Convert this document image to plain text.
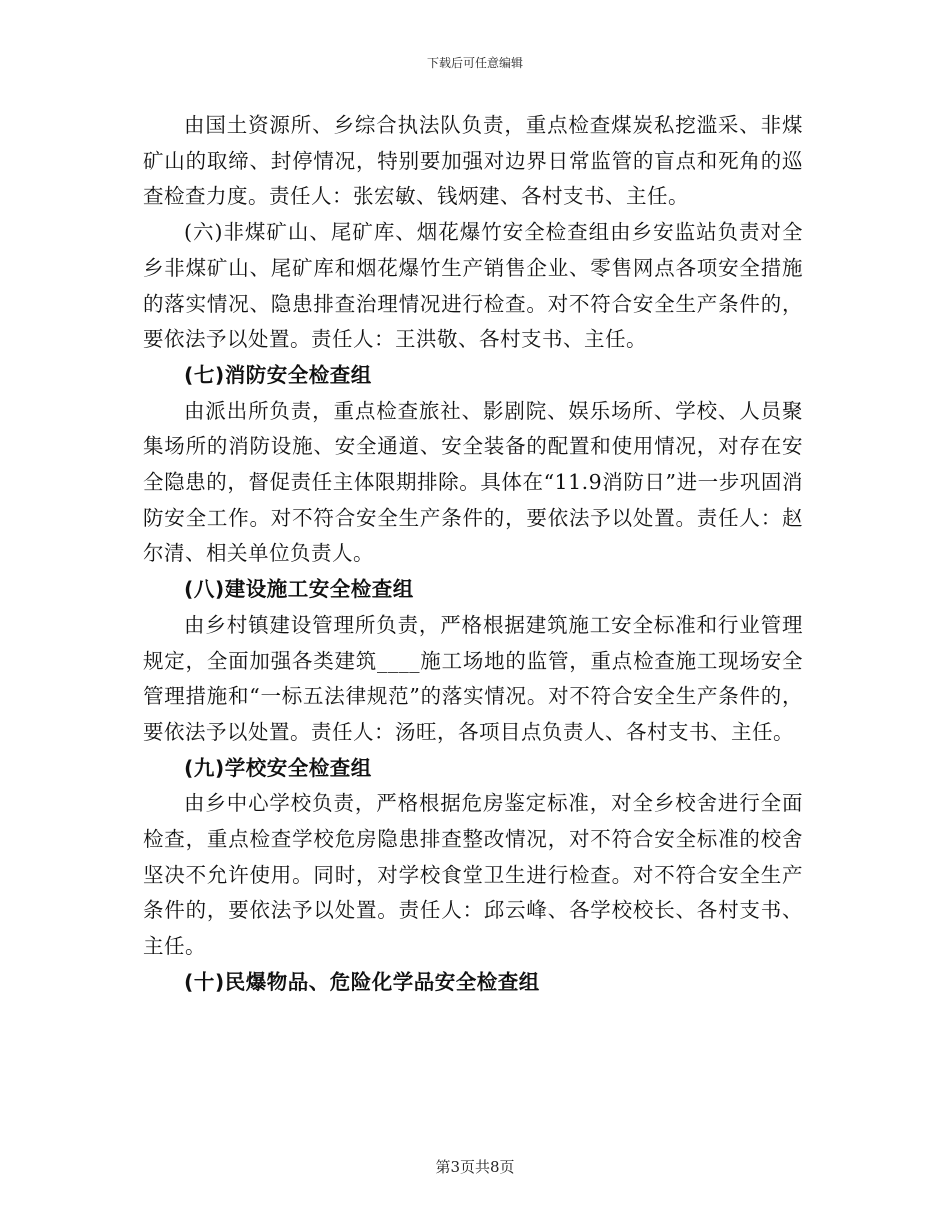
下载后可任意编辑

由国土资源所、乡综合执法队负责，重点检查煤炭私挖滥采、非煤矿山的取缔、封停情况，特别要加强对边界日常监管的盲点和死角的巡查检查力度。责任人：张宏敏、钱炳建、各村支书、主任。

(六)非煤矿山、尾矿库、烟花爆竹安全检查组由乡安监站负责对全乡非煤矿山、尾矿库和烟花爆竹生产销售企业、零售网点各项安全措施的落实情况、隐患排查治理情况进行检查。对不符合安全生产条件的，要依法予以处置。责任人：王洪敬、各村支书、主任。

(七)消防安全检查组

由派出所负责，重点检查旅社、影剧院、娱乐场所、学校、人员聚集场所的消防设施、安全通道、安全装备的配置和使用情况，对存在安全隐患的，督促责任主体限期排除。具体在“11.9消防日”进一步巩固消防安全工作。对不符合安全生产条件的，要依法予以处置。责任人：赵尔清、相关单位负责人。

(八)建设施工安全检查组

由乡村镇建设管理所负责，严格根据建筑施工安全标准和行业管理规定，全面加强各类建筑____施工场地的监管，重点检查施工现场安全管理措施和“一标五法律规范”的落实情况。对不符合安全生产条件的，要依法予以处置。责任人：汤旺，各项目点负责人、各村支书、主任。

(九)学校安全检查组

由乡中心学校负责，严格根据危房鉴定标准，对全乡校舍进行全面检查，重点检查学校危房隐患排查整改情况，对不符合安全标准的校舍坚决不允许使用。同时，对学校食堂卫生进行检查。对不符合安全生产条件的，要依法予以处置。责任人：邱云峰、各学校校长、各村支书、主任。

(十)民爆物品、危险化学品安全检查组

第3页共8页
